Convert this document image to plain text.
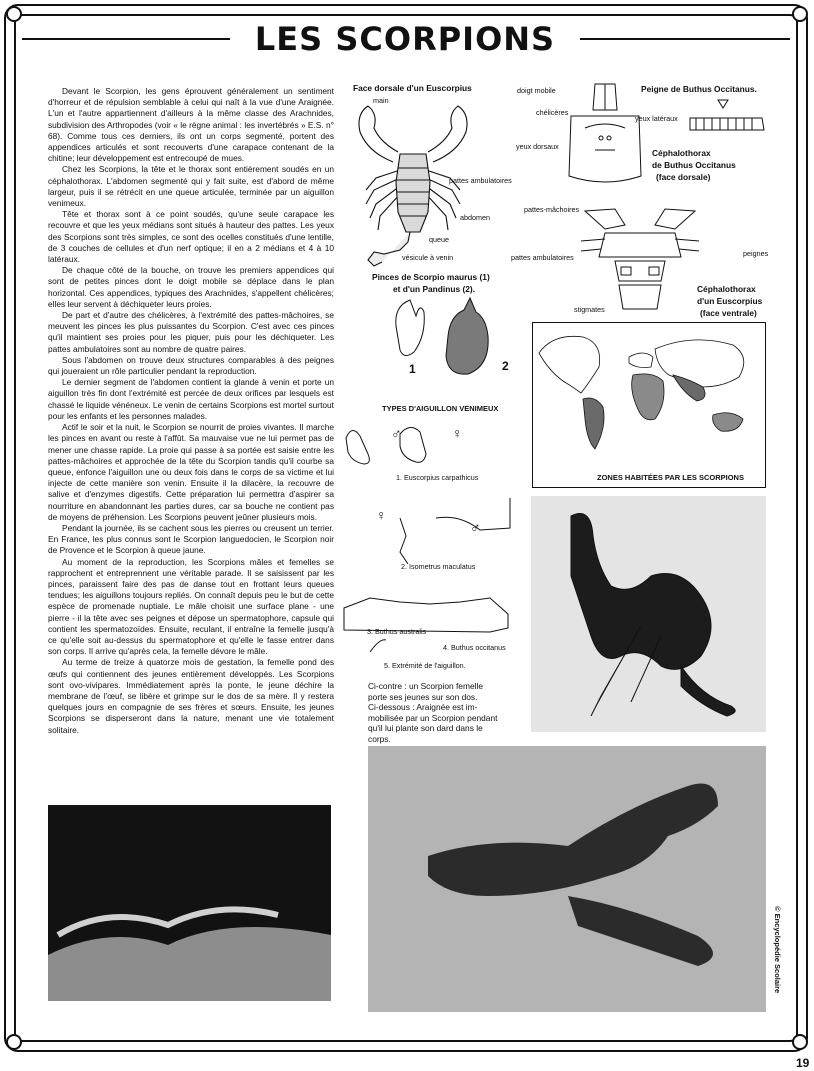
LES SCORPIONS

Devant le Scorpion, les gens éprouvent généralement un sentiment d'horreur et de répulsion semblable à celui qui naît à la vue d'une Araignée. L'un et l'autre appartiennent d'ailleurs à la même classe des Arachnides, subdivision des Arthropodes (voir « le règne animal : les invertébrés » E.S. n° 68). Comme tous ces derniers, ils ont un corps segmenté, portent des appendices articulés et sont recouverts d'une carapace contenant de la chitine; leur développement est entrecoupé de mues.

Chez les Scorpions, la tête et le thorax sont entièrement soudés en un céphalothorax. L'abdomen segmenté qui y fait suite, est d'abord de même largeur, puis il se rétrécit en une queue articulée, terminée par un aiguillon venimeux.

Tête et thorax sont à ce point soudés, qu'une seule carapace les recouvre et que les yeux médians sont situés à hauteur des pattes. Les yeux des Scorpions sont très simples, ce sont des ocelles constitués d'une lentille, de 3 couches de cellules et d'un nerf optique; il en a 2 médians et 4 à 10 latéraux.

De chaque côté de la bouche, on trouve les premiers appendices qui sont de petites pinces dont le doigt mobile se déplace dans le plan horizontal. Ces appendices, typiques des Arachnides, s'appellent chélicères; elles leur servent à déchiqueter leurs proies.

De part et d'autre des chélicères, à l'extrémité des pattes-mâchoires, se meuvent les pinces les plus puissantes du Scorpion. C'est avec ces pinces qu'il maintient ses proies pour les piquer, puis pour les déchiqueter. Les pattes ambulatoires sont au nombre de quatre paires.

Sous l'abdomen on trouve deux structures comparables à des peignes qui joueraient un rôle particulier pendant la reproduction.

Le dernier segment de l'abdomen contient la glande à venin et porte un aiguillon très fin dont l'extrémité est percée de deux orifices par lesquels est chassé le liquide vénéneux. Le venin de certains Scorpions est mortel surtout pour les enfants et les personnes malades.

Actif le soir et la nuit, le Scorpion se nourrit de proies vivantes. Il marche les pinces en avant ou reste à l'affût. Sa mauvaise vue ne lui permet pas de mener une chasse rapide. La proie qui passe à sa portée est saisie entre les pattes-mâchoires et approchée de la tête du Scorpion tandis qu'il courbe sa queue, enfonce l'aiguillon une ou deux fois dans le corps de sa victime et lui injecte de cette manière son venin. Ensuite il la dilacère, la recouvre de salive et d'enzymes digestifs. Cette préparation lui permettra d'aspirer sa nourriture en abandonnant les parties dures, car sa bouche ne contient pas de moyens de préhension. Les Scorpions peuvent jeûner plusieurs mois.

Pendant la journée, ils se cachent sous les pierres ou creusent un terrier. En France, les plus connus sont le Scorpion languedocien, le Scorpion noir de Provence et le Scorpion à queue jaune.

Au moment de la reproduction, les Scorpions mâles et femelles se rapprochent et entreprennent une véritable parade. Il se saisissent par les pinces, paraissent faire des pas de danse tout en frottant leurs queues tendues; les aiguillons toujours repliés. On connaît depuis peu le but de cette espèce de promenade nuptiale. Le mâle choisit une surface plane - une pierre - il la tête avec ses peignes et dépose un spermatophore, capsule qui contient les spermatozoïdes. Ensuite, reculant, il entraîne la femelle jusqu'à ce qu'elle soit au-dessus du spermatophore et qu'elle le fasse entrer dans son corps. Il arrive qu'après cela, la femelle dévore le mâle.

Au terme de treize à quatorze mois de gestation, la femelle pond des œufs qui contiennent des jeunes entièrement développés. Les Scorpions sont ovo-vivipares. Immédiatement après la ponte, le jeune déchire la membrane de l'œuf, se libère et grimpe sur le dos de sa mère. Il y restera quelques jours en compagnie de ses frères et sœurs. Ensuite, les jeunes Scorpions se disperseront dans la nature, menant une vie totalement solitaire.

Face dorsale d'un Euscorpius
main
pattes ambulatoires
abdomen
queue
vésicule à venin
doigt mobile
chélicères
yeux dorsaux
Céphalothorax
de Buthus Occitanus
(face dorsale)
Peigne de Buthus Occitanus.
yeux latéraux
pattes-mâchoires
pattes ambulatoires	peignes
stigmates
Céphalothorax
d'un Euscorpius
(face ventrale)
Pinces de Scorpio maurus (1)
et d'un Pandinus (2).
1	2
ZONES HABITÉES PAR LES SCORPIONS
TYPES D'AIGUILLON VENIMEUX
♂	♀
1. Euscorpius carpathicus
♀
♂
2. Isometrus maculatus
3. Buthus australis
4. Buthus occitanus
5. Extrémité de l'aiguillon.
Ci-contre : un Scorpion femelle
porte ses jeunes sur son dos.
Ci-dessous : Araignée est im-
mobilisée par un Scorpion pendant
qu'il lui plante son dard dans le
corps.
© Encyclopédie Scolaire
19
